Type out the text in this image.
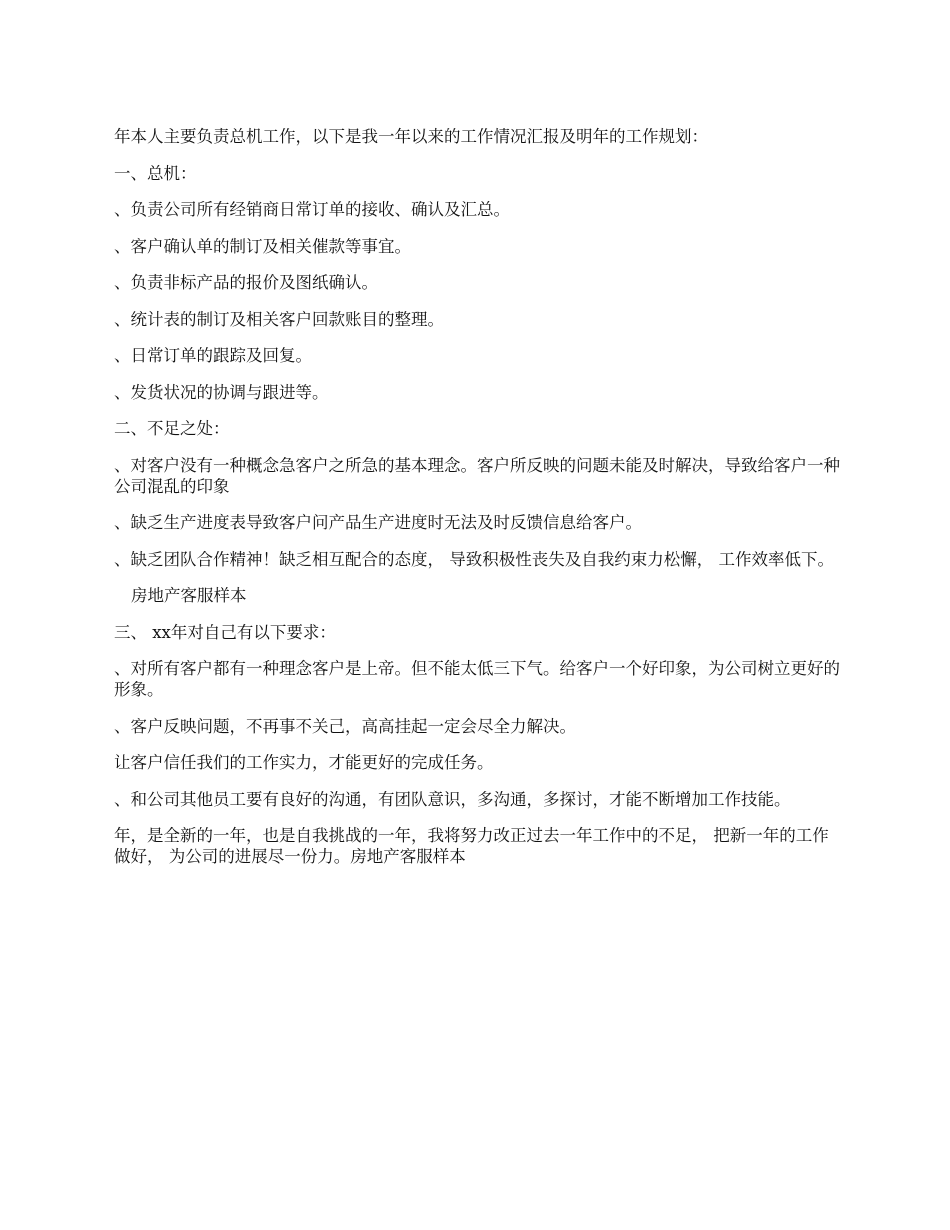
年本人主要负责总机工作，以下是我一年以来的工作情况汇报及明年的工作规划：

一、总机：

、负责公司所有经销商日常订单的接收、确认及汇总。

、客户确认单的制订及相关催款等事宜。

、负责非标产品的报价及图纸确认。

、统计表的制订及相关客户回款账目的整理。

、日常订单的跟踪及回复。

、发货状况的协调与跟进等。

二、不足之处：

、对客户没有一种概念急客户之所急的基本理念。客户所反映的问题未能及时解决，导致给客户一种公司混乱的印象

、缺乏生产进度表导致客户问产品生产进度时无法及时反馈信息给客户。

、缺乏团队合作精神！缺乏相互配合的态度， 导致积极性丧失及自我约束力松懈， 工作效率低下。

房地产客服样本

三、 xx年对自己有以下要求：

、对所有客户都有一种理念客户是上帝。但不能太低三下气。给客户一个好印象，为公司树立更好的形象。

、客户反映问题，不再事不关己，高高挂起一定会尽全力解决。

让客户信任我们的工作实力，才能更好的完成任务。

、和公司其他员工要有良好的沟通，有团队意识，多沟通，多探讨，才能不断增加工作技能。

年，是全新的一年，也是自我挑战的一年，我将努力改正过去一年工作中的不足， 把新一年的工作做好， 为公司的进展尽一份力。房地产客服样本
